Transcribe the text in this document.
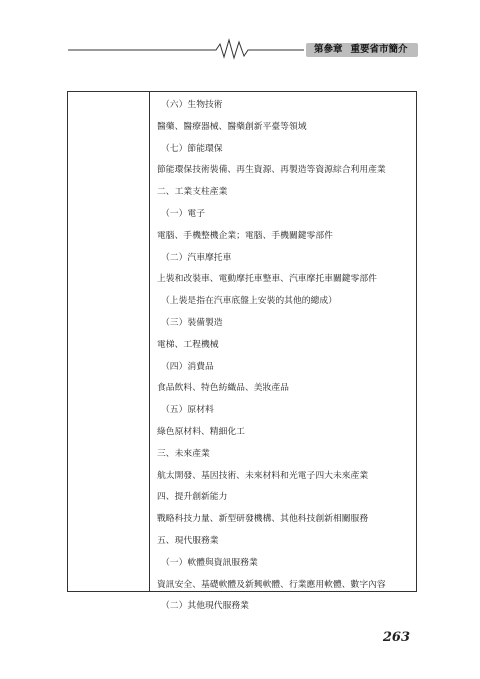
第參章 重要省市簡介
（六）生物技術
醫藥、醫療器械、醫藥創新平臺等領域
（七）節能環保
節能環保技術裝備、再生資源、再製造等資源綜合利用產業
二、工業支柱產業
（一）電子
電腦、手機整機企業；電腦、手機關鍵零部件
（二）汽車摩托車
上裝和改裝車、電動摩托車整車、汽車摩托車關鍵零部件
（上裝是指在汽車底盤上安裝的其他的總成）
（三）裝備製造
電梯、工程機械
（四）消費品
食品飲料、特色紡織品、美妝產品
（五）原材料
綠色原材料、精細化工
三、未來產業
航太開發、基因技術、未來材料和光電子四大未來產業
四、提升創新能力
戰略科技力量、新型研發機構、其他科技創新相關服務
五、現代服務業
（一）軟體與資訊服務業
資訊安全、基礎軟體及新興軟體、行業應用軟體、數字內容
（二）其他現代服務業
263
